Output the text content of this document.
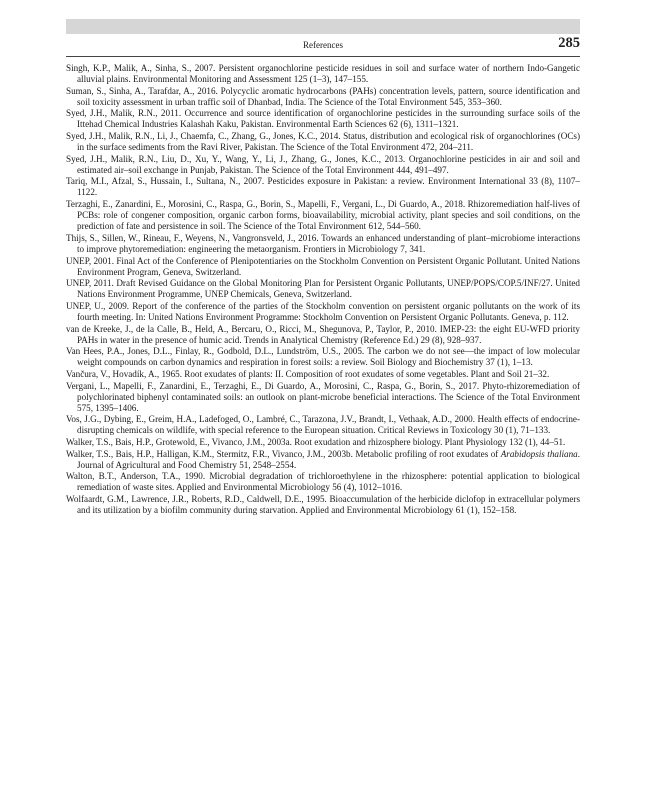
References	285
Singh, K.P., Malik, A., Sinha, S., 2007. Persistent organochlorine pesticide residues in soil and surface water of northern Indo-Gangetic alluvial plains. Environmental Monitoring and Assessment 125 (1–3), 147–155.
Suman, S., Sinha, A., Tarafdar, A., 2016. Polycyclic aromatic hydrocarbons (PAHs) concentration levels, pattern, source identification and soil toxicity assessment in urban traffic soil of Dhanbad, India. The Science of the Total Environment 545, 353–360.
Syed, J.H., Malik, R.N., 2011. Occurrence and source identification of organochlorine pesticides in the surrounding surface soils of the Ittehad Chemical Industries Kalashah Kaku, Pakistan. Environmental Earth Sciences 62 (6), 1311–1321.
Syed, J.H., Malik, R.N., Li, J., Chaemfa, C., Zhang, G., Jones, K.C., 2014. Status, distribution and ecological risk of organochlorines (OCs) in the surface sediments from the Ravi River, Pakistan. The Science of the Total Environment 472, 204–211.
Syed, J.H., Malik, R.N., Liu, D., Xu, Y., Wang, Y., Li, J., Zhang, G., Jones, K.C., 2013. Organochlorine pesticides in air and soil and estimated air–soil exchange in Punjab, Pakistan. The Science of the Total Environment 444, 491–497.
Tariq, M.I., Afzal, S., Hussain, I., Sultana, N., 2007. Pesticides exposure in Pakistan: a review. Environment International 33 (8), 1107–1122.
Terzaghi, E., Zanardini, E., Morosini, C., Raspa, G., Borin, S., Mapelli, F., Vergani, L., Di Guardo, A., 2018. Rhizoremediation half-lives of PCBs: role of congener composition, organic carbon forms, bioavailability, microbial activity, plant species and soil conditions, on the prediction of fate and persistence in soil. The Science of the Total Environment 612, 544–560.
Thijs, S., Sillen, W., Rineau, F., Weyens, N., Vangronsveld, J., 2016. Towards an enhanced understanding of plant–microbiome interactions to improve phytoremediation: engineering the metaorganism. Frontiers in Microbiology 7, 341.
UNEP, 2001. Final Act of the Conference of Plenipotentiaries on the Stockholm Convention on Persistent Organic Pollutant. United Nations Environment Program, Geneva, Switzerland.
UNEP, 2011. Draft Revised Guidance on the Global Monitoring Plan for Persistent Organic Pollutants, UNEP/POPS/COP.5/INF/27. United Nations Environment Programme, UNEP Chemicals, Geneva, Switzerland.
UNEP, U., 2009. Report of the conference of the parties of the Stockholm convention on persistent organic pollutants on the work of its fourth meeting. In: United Nations Environment Programme: Stockholm Convention on Persistent Organic Pollutants. Geneva, p. 112.
van de Kreeke, J., de la Calle, B., Held, A., Bercaru, O., Ricci, M., Shegunova, P., Taylor, P., 2010. IMEP-23: the eight EU-WFD priority PAHs in water in the presence of humic acid. Trends in Analytical Chemistry (Reference Ed.) 29 (8), 928–937.
Van Hees, P.A., Jones, D.L., Finlay, R., Godbold, D.L., Lundström, U.S., 2005. The carbon we do not see—the impact of low molecular weight compounds on carbon dynamics and respiration in forest soils: a review. Soil Biology and Biochemistry 37 (1), 1–13.
Vančura, V., Hovadík, A., 1965. Root exudates of plants: II. Composition of root exudates of some vegetables. Plant and Soil 21–32.
Vergani, L., Mapelli, F., Zanardini, E., Terzaghi, E., Di Guardo, A., Morosini, C., Raspa, G., Borin, S., 2017. Phyto-rhizoremediation of polychlorinated biphenyl contaminated soils: an outlook on plant-microbe beneficial interactions. The Science of the Total Environment 575, 1395–1406.
Vos, J.G., Dybing, E., Greim, H.A., Ladefoged, O., Lambré, C., Tarazona, J.V., Brandt, I., Vethaak, A.D., 2000. Health effects of endocrine-disrupting chemicals on wildlife, with special reference to the European situation. Critical Reviews in Toxicology 30 (1), 71–133.
Walker, T.S., Bais, H.P., Grotewold, E., Vivanco, J.M., 2003a. Root exudation and rhizosphere biology. Plant Physiology 132 (1), 44–51.
Walker, T.S., Bais, H.P., Halligan, K.M., Stermitz, F.R., Vivanco, J.M., 2003b. Metabolic profiling of root exudates of Arabidopsis thaliana. Journal of Agricultural and Food Chemistry 51, 2548–2554.
Walton, B.T., Anderson, T.A., 1990. Microbial degradation of trichloroethylene in the rhizosphere: potential application to biological remediation of waste sites. Applied and Environmental Microbiology 56 (4), 1012–1016.
Wolfaardt, G.M., Lawrence, J.R., Roberts, R.D., Caldwell, D.E., 1995. Bioaccumulation of the herbicide diclofop in extracellular polymers and its utilization by a biofilm community during starvation. Applied and Environmental Microbiology 61 (1), 152–158.
